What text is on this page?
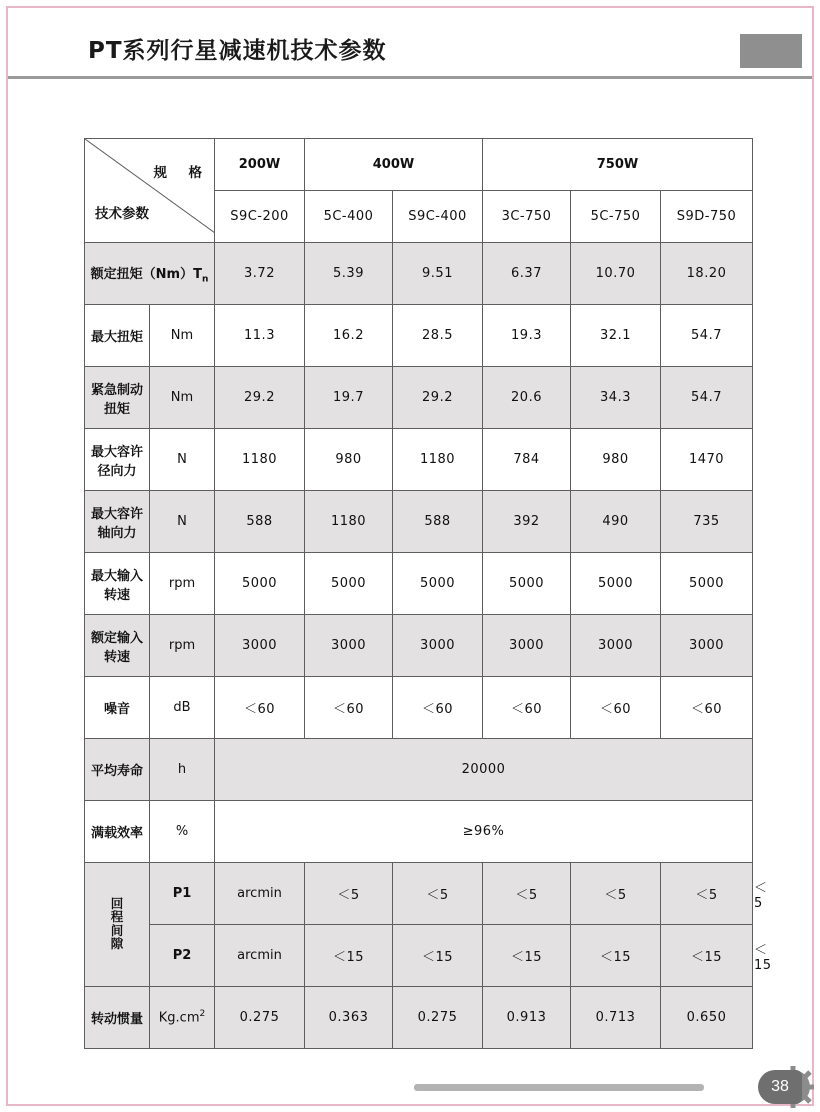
PT系列行星减速机技术参数
规　格
技术参数		200W	400W		750W			
		S9C-200	5C-400	S9C-400	3C-750	5C-750	S9D-750	
额定扭矩$(Nm)T_n$		3.72	5.39	9.51	6.37	10.70	18.20	
最大扭矩	Nm	11.3	16.2	28.5	19.3	32.1	54.7	
紧急制动扭矩	Nm	29.2	19.7	29.2	20.6	34.3	54.7	
最大容许径向力	N	1180	980	1180	784	980	1470	
最大容许轴向力	N	588	1180	588	392	490	735	
最大输入转速	rpm	5000	5000	5000	5000	5000	5000	
额定输入转速	rpm	3000	3000	3000	3000	3000	3000	
噪音	dB	＜60	＜60	＜60	＜60	＜60	＜60	
平均寿命	h	20000						
满载效率	%	≥96%						
回程间隙	P1	arcmin	＜5	＜5	＜5	＜5	＜5	＜5
	P2	arcmin	＜15	＜15	＜15	＜15	＜15	＜15
转动惯量	$Kg.cm^2$	0.275	0.363	0.275	0.913	0.713	0.650	
38
